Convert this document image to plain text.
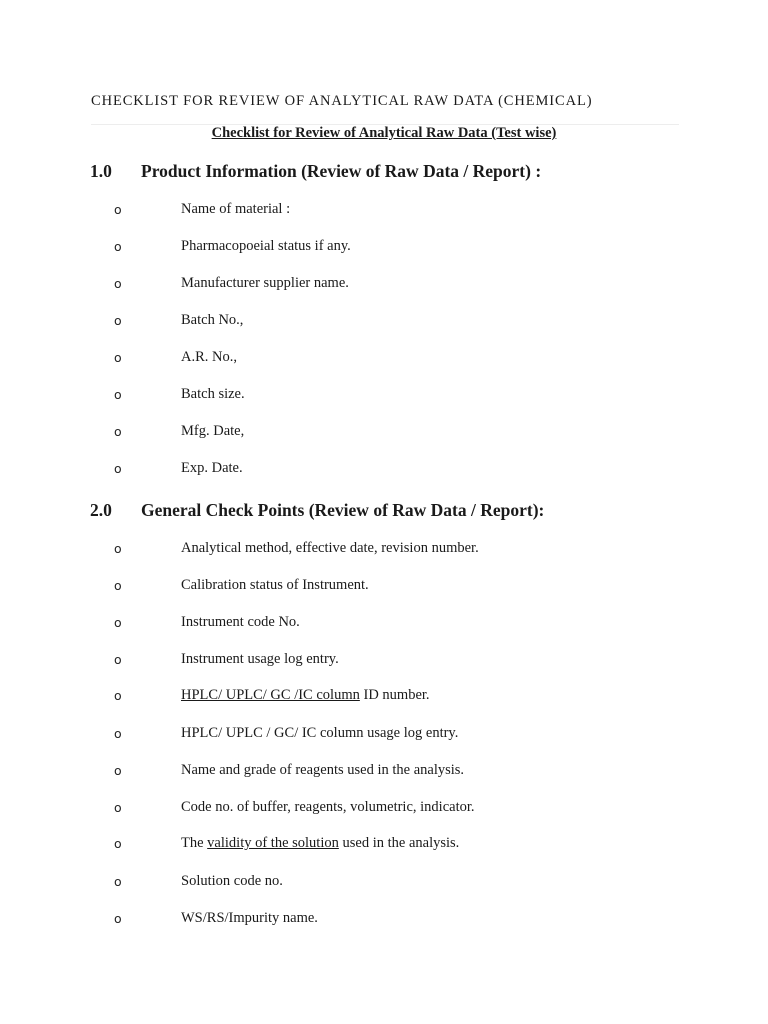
CHECKLIST FOR REVIEW OF ANALYTICAL RAW DATA (CHEMICAL)
Checklist for Review of Analytical Raw Data (Test wise)
1.0 Product Information (Review of Raw Data / Report) :
o	Name of material :
o	Pharmacopoeial status if any.
o	Manufacturer supplier name.
o	Batch No.,
o	A.R. No.,
o	Batch size.
o	Mfg. Date,
o	Exp. Date.
2.0 General Check Points (Review of Raw Data / Report):
o	Analytical method, effective date, revision number.
o	Calibration status of Instrument.
o	Instrument code No.
o	Instrument usage log entry.
o	HPLC/ UPLC/ GC /IC column ID number.
o	HPLC/ UPLC / GC/ IC column usage log entry.
o	Name and grade of reagents used in the analysis.
o	Code no. of buffer, reagents, volumetric, indicator.
o	The validity of the solution used in the analysis.
o	Solution code no.
o	WS/RS/Impurity name.
